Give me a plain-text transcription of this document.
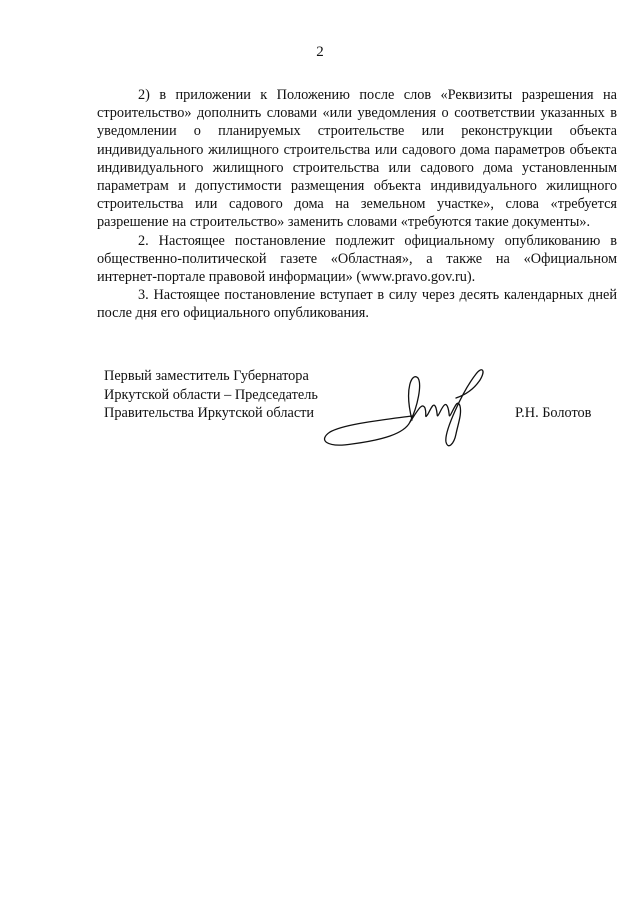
2

2) в приложении к Положению после слов «Реквизиты разрешения на строительство» дополнить словами «или уведомления о соответствии указанных в уведомлении о планируемых строительстве или реконструкции объекта индивидуального жилищного строительства или садового дома параметров объекта индивидуального жилищного строительства или садового дома установленным параметрам и допустимости размещения объекта индивидуального жилищного строительства или садового дома на земельном участке», слова «требуется разрешение на строительство» заменить словами «требуются такие документы».

2. Настоящее постановление подлежит официальному опубликованию в общественно-политической газете «Областная», а также на «Официальном интернет-портале правовой информации» (www.pravo.gov.ru).

3. Настоящее постановление вступает в силу через десять календарных дней после дня его официального опубликования.

Первый заместитель Губернатора
Иркутской области – Председатель
Правительства Иркутской области	Р.Н. Болотов
